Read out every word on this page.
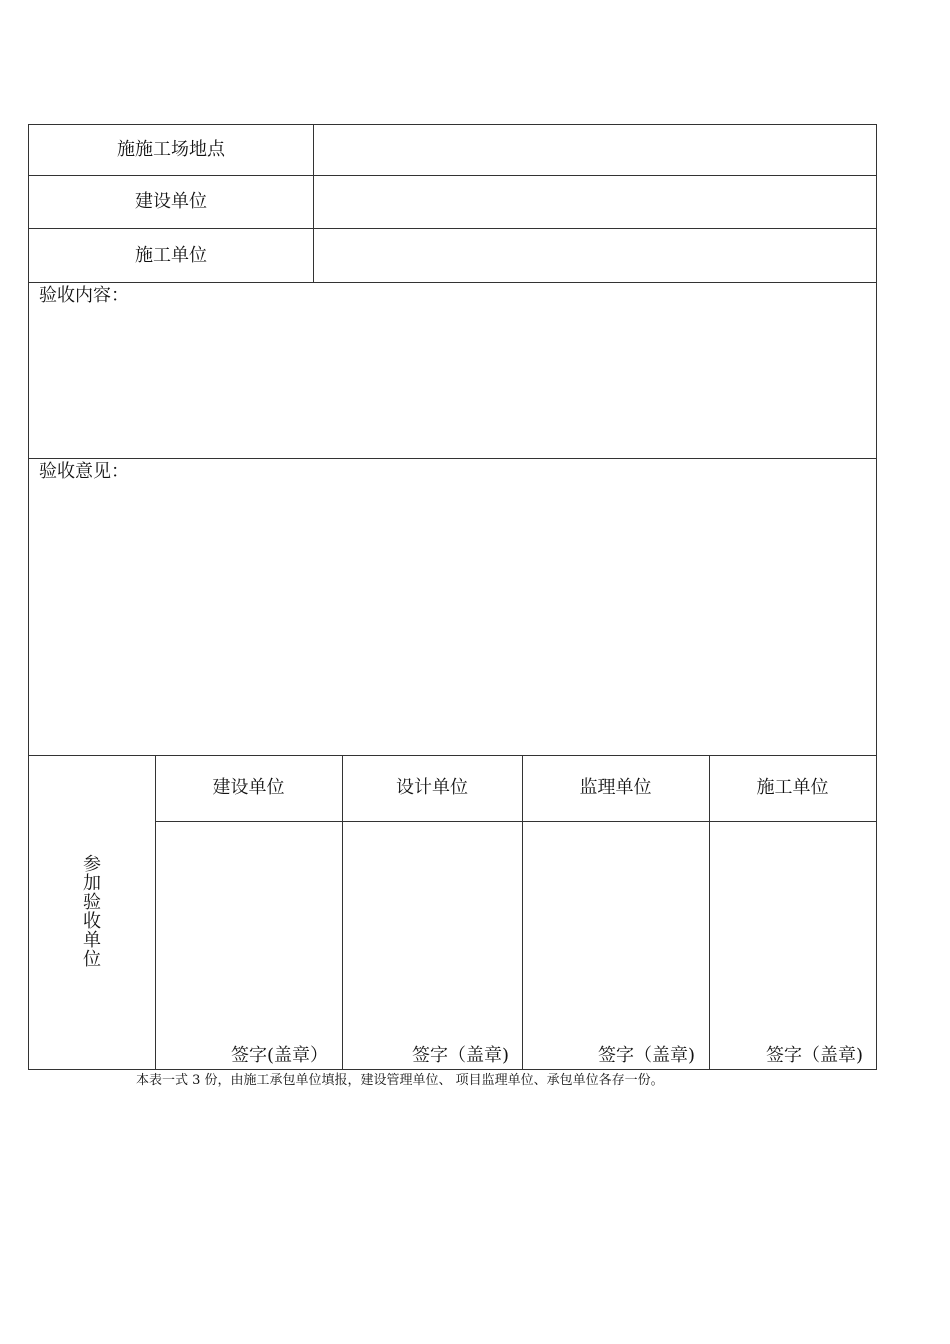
施施工场地点
建设单位
施工单位
验收内容：
验收意见：
参加验收单位
建设单位	设计单位	监理单位	施工单位
签字(盖章）	签字（盖章)	签字（盖章)	签字（盖章)
本表一式 3 份，由施工承包单位填报，建设管理单位、 项目监理单位、承包单位各存一份。
